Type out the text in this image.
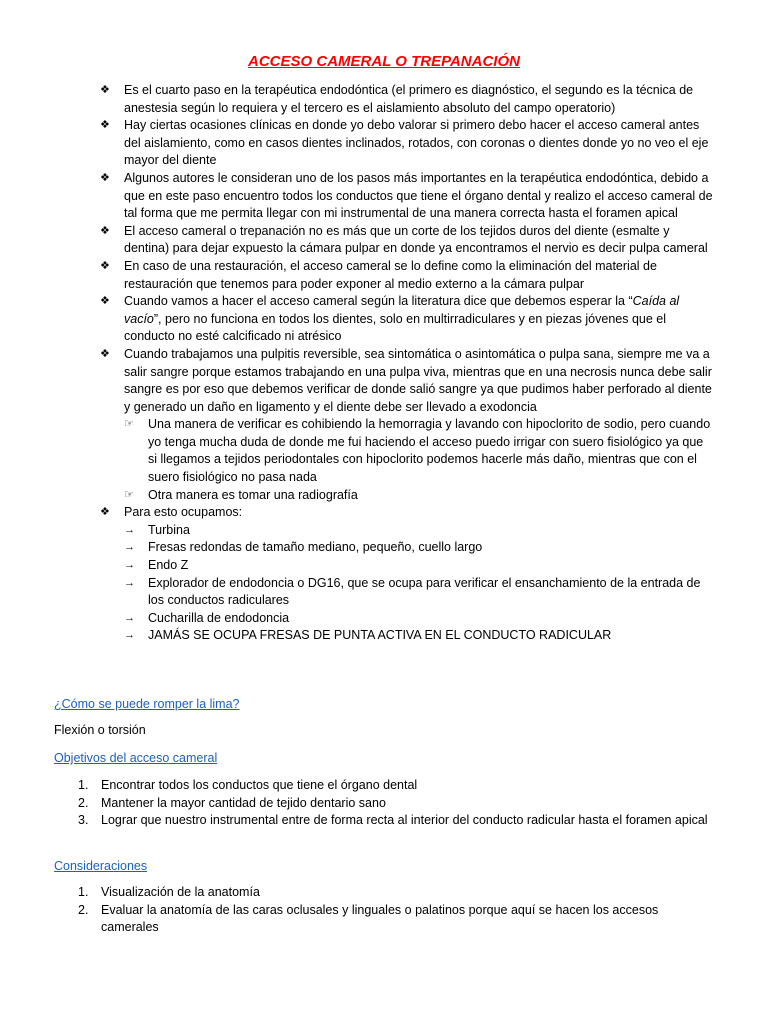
ACCESO CAMERAL O TREPANACIÓN
❖ Es el cuarto paso en la terapéutica endodóntica (el primero es diagnóstico, el segundo es la técnica de anestesia según lo requiera y el tercero es el aislamiento absoluto del campo operatorio)
❖ Hay ciertas ocasiones clínicas en donde yo debo valorar si primero debo hacer el acceso cameral antes del aislamiento, como en casos dientes inclinados, rotados, con coronas o dientes donde yo no veo el eje mayor del diente
❖ Algunos autores le consideran uno de los pasos más importantes en la terapéutica endodóntica, debido a que en este paso encuentro todos los conductos que tiene el órgano dental y realizo el acceso cameral de tal forma que me permita llegar con mi instrumental de una manera correcta hasta el foramen apical
❖ El acceso cameral o trepanación no es más que un corte de los tejidos duros del diente (esmalte y dentina) para dejar expuesto la cámara pulpar en donde ya encontramos el nervio es decir pulpa cameral
❖ En caso de una restauración, el acceso cameral se lo define como la eliminación del material de restauración que tenemos para poder exponer al medio externo a la cámara pulpar
❖ Cuando vamos a hacer el acceso cameral según la literatura dice que debemos esperar la “Caída al vacío”, pero no funciona en todos los dientes, solo en multirradiculares y en piezas jóvenes que el conducto no esté calcificado ni atrésico
❖ Cuando trabajamos una pulpitis reversible, sea sintomática o asintomática o pulpa sana, siempre me va a salir sangre porque estamos trabajando en una pulpa viva, mientras que en una necrosis nunca debe salir sangre es por eso que debemos verificar de donde salió sangre ya que pudimos haber perforado al diente y generado un daño en ligamento y el diente debe ser llevado a exodoncia
☞ Una manera de verificar es cohibiendo la hemorragia y lavando con hipoclorito de sodio, pero cuando yo tenga mucha duda de donde me fui haciendo el acceso puedo irrigar con suero fisiológico ya que si llegamos a tejidos periodontales con hipoclorito podemos hacerle más daño, mientras que con el suero fisiológico no pasa nada
☞ Otra manera es tomar una radiografía
❖ Para esto ocupamos:
→ Turbina
→ Fresas redondas de tamaño mediano, pequeño, cuello largo
→ Endo Z
→ Explorador de endodoncia o DG16, que se ocupa para verificar el ensanchamiento de la entrada de los conductos radiculares
→ Cucharilla de endodoncia
→ JAMÁS SE OCUPA FRESAS DE PUNTA ACTIVA EN EL CONDUCTO RADICULAR
¿Cómo se puede romper la lima?
Flexión o torsión
Objetivos del acceso cameral
1. Encontrar todos los conductos que tiene el órgano dental
2. Mantener la mayor cantidad de tejido dentario sano
3. Lograr que nuestro instrumental entre de forma recta al interior del conducto radicular hasta el foramen apical
Consideraciones
1. Visualización de la anatomía
2. Evaluar la anatomía de las caras oclusales y linguales o palatinos porque aquí se hacen los accesos camerales
